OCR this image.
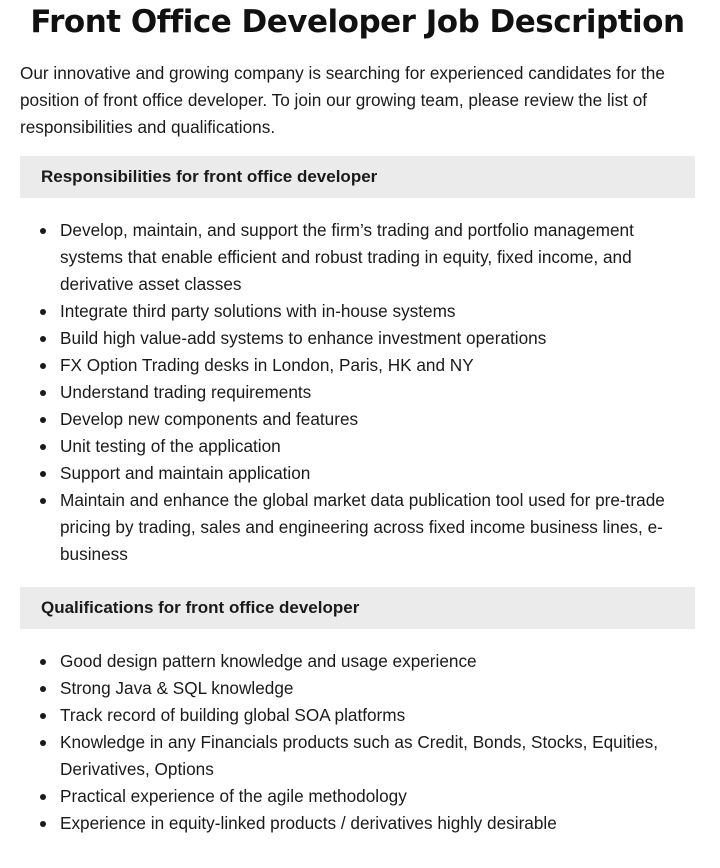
Front Office Developer Job Description

Our innovative and growing company is searching for experienced candidates for the position of front office developer. To join our growing team, please review the list of responsibilities and qualifications.

Responsibilities for front office developer
Develop, maintain, and support the firm’s trading and portfolio management systems that enable efficient and robust trading in equity, fixed income, and derivative asset classes
Integrate third party solutions with in-house systems
Build high value-add systems to enhance investment operations
FX Option Trading desks in London, Paris, HK and NY
Understand trading requirements
Develop new components and features
Unit testing of the application
Support and maintain application
Maintain and enhance the global market data publication tool used for pre-trade pricing by trading, sales and engineering across fixed income business lines, e-business
Qualifications for front office developer
Good design pattern knowledge and usage experience
Strong Java & SQL knowledge
Track record of building global SOA platforms
Knowledge in any Financials products such as Credit, Bonds, Stocks, Equities, Derivatives, Options
Practical experience of the agile methodology
Experience in equity-linked products / derivatives highly desirable
